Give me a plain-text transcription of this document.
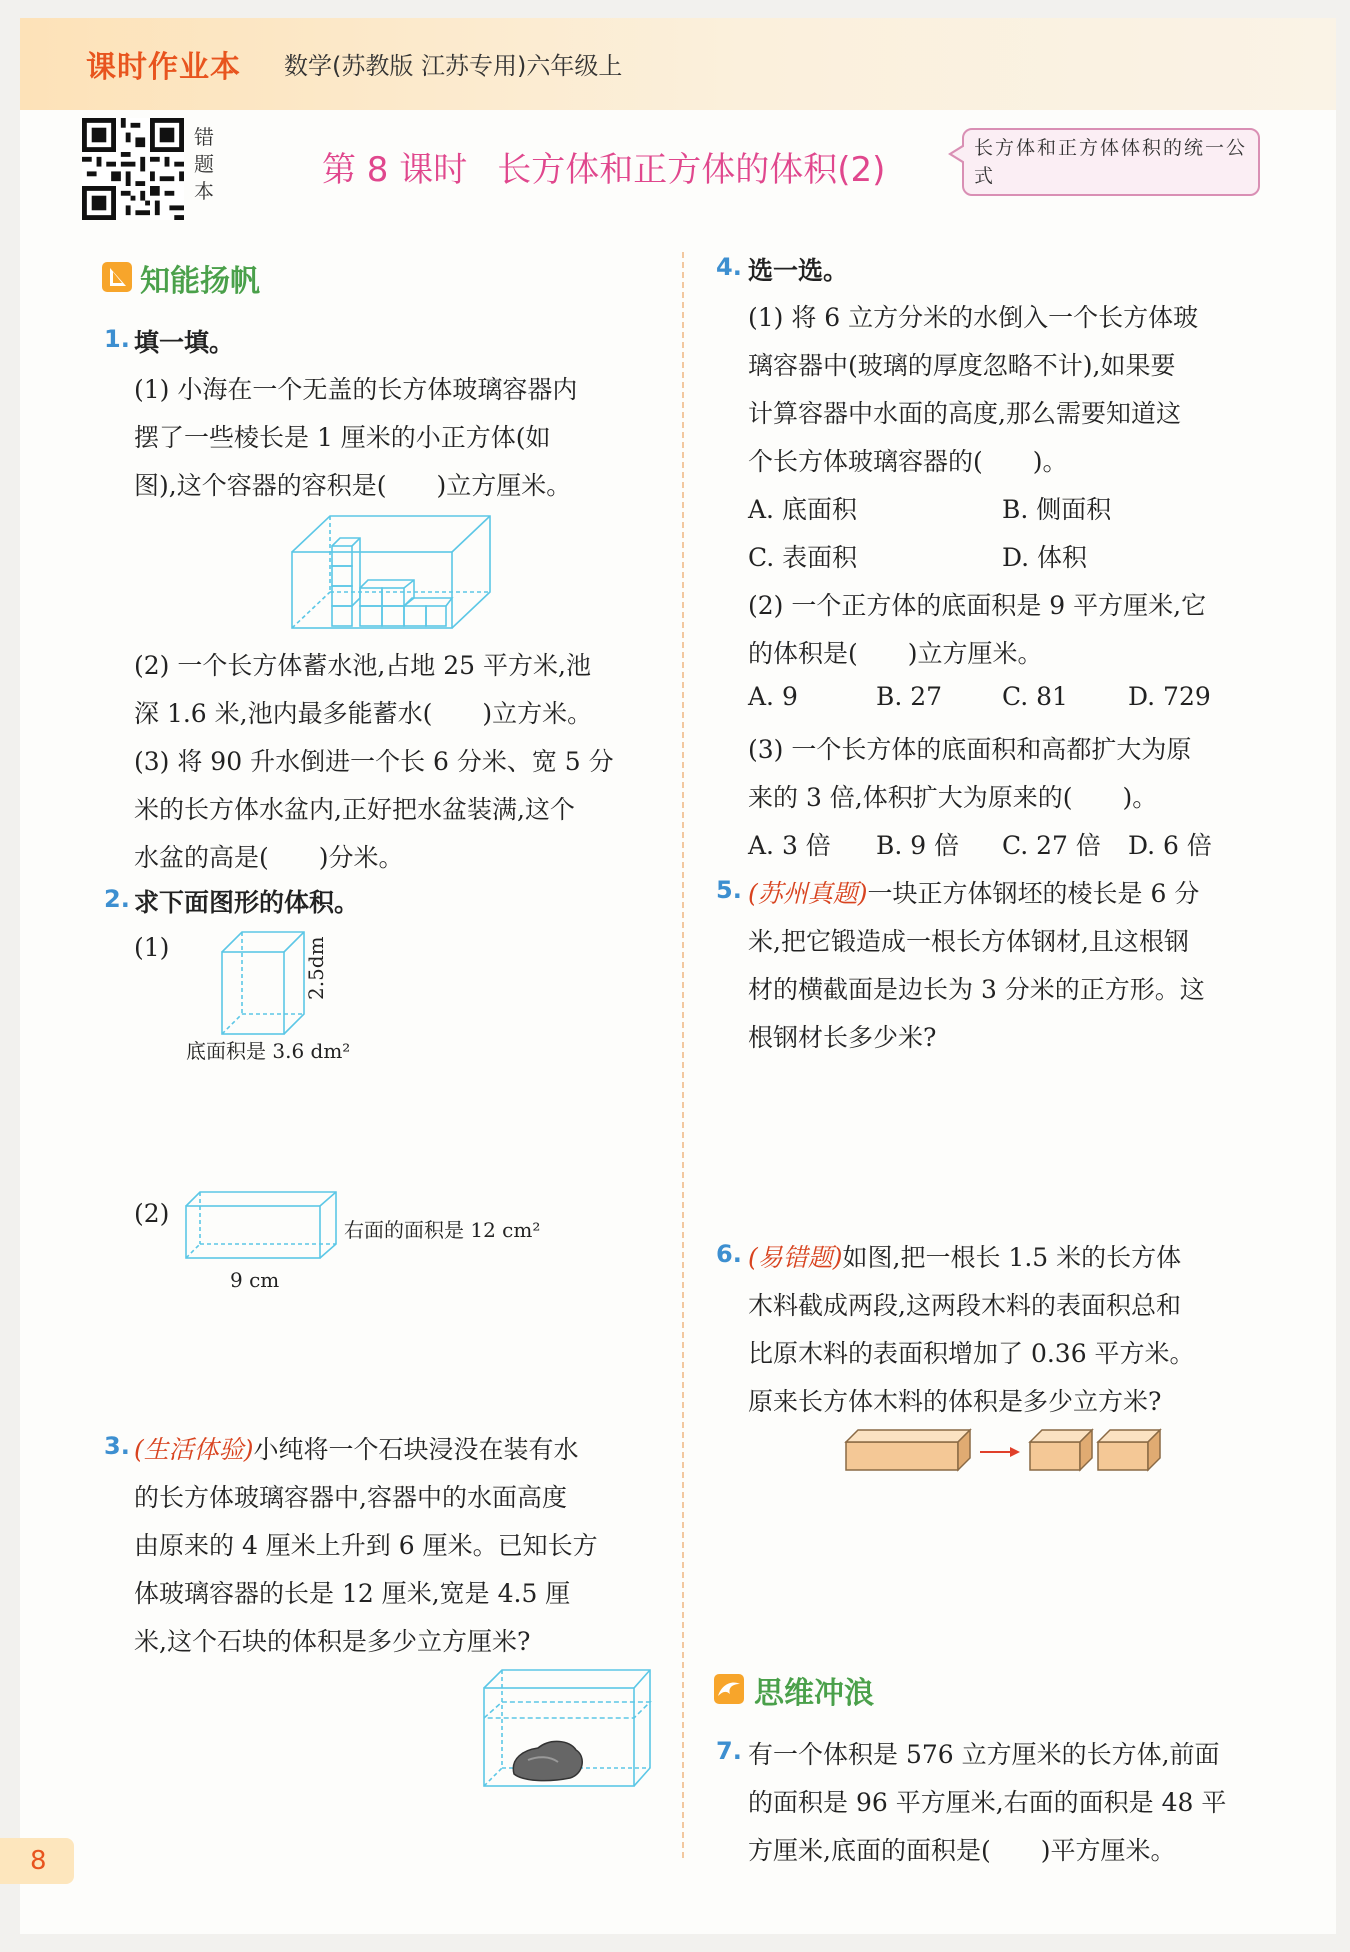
课时作业本 数学(苏教版 江苏专用)六年级上
错题本
第 8 课时 长方体和正方体的体积(2)
长方体和正方体体积的统一公式
知能扬帆
1. 填一填。
(1) 小海在一个无盖的长方体玻璃容器内
摆了一些棱长是 1 厘米的小正方体(如
图),这个容器的容积是(　　)立方厘米。
(2) 一个长方体蓄水池,占地 25 平方米,池
深 1.6 米,池内最多能蓄水(　　)立方米。
(3) 将 90 升水倒进一个长 6 分米、宽 5 分
米的长方体水盆内,正好把水盆装满,这个
水盆的高是(　　)分米。
2. 求下面图形的体积。
(1)	2.5dm
底面积是 3.6 dm²
(2)
右面的面积是 12 cm²
9 cm
3. (生活体验)小纯将一个石块浸没在装有水
的长方体玻璃容器中,容器中的水面高度
由原来的 4 厘米上升到 6 厘米。已知长方
体玻璃容器的长是 12 厘米,宽是 4.5 厘
米,这个石块的体积是多少立方厘米?
4. 选一选。
(1) 将 6 立方分米的水倒入一个长方体玻
璃容器中(玻璃的厚度忽略不计),如果要
计算容器中水面的高度,那么需要知道这
个长方体玻璃容器的(　　)。
A. 底面积	B. 侧面积
C. 表面积	D. 体积
(2) 一个正方体的底面积是 9 平方厘米,它
的体积是(　　)立方厘米。
A. 9	B. 27 C. 81 D. 729
(3) 一个长方体的底面积和高都扩大为原
来的 3 倍,体积扩大为原来的(　　)。
A. 3 倍 B. 9 倍 C. 27 倍 D. 6 倍
5. (苏州真题)一块正方体钢坯的棱长是 6 分
米,把它锻造成一根长方体钢材,且这根钢
材的横截面是边长为 3 分米的正方形。这
根钢材长多少米?
6. (易错题)如图,把一根长 1.5 米的长方体
木料截成两段,这两段木料的表面积总和
比原木料的表面积增加了 0.36 平方米。
原来长方体木料的体积是多少立方米?
思维冲浪
7. 有一个体积是 576 立方厘米的长方体,前面
的面积是 96 平方厘米,右面的面积是 48 平
方厘米,底面的面积是(　　)平方厘米。
8
